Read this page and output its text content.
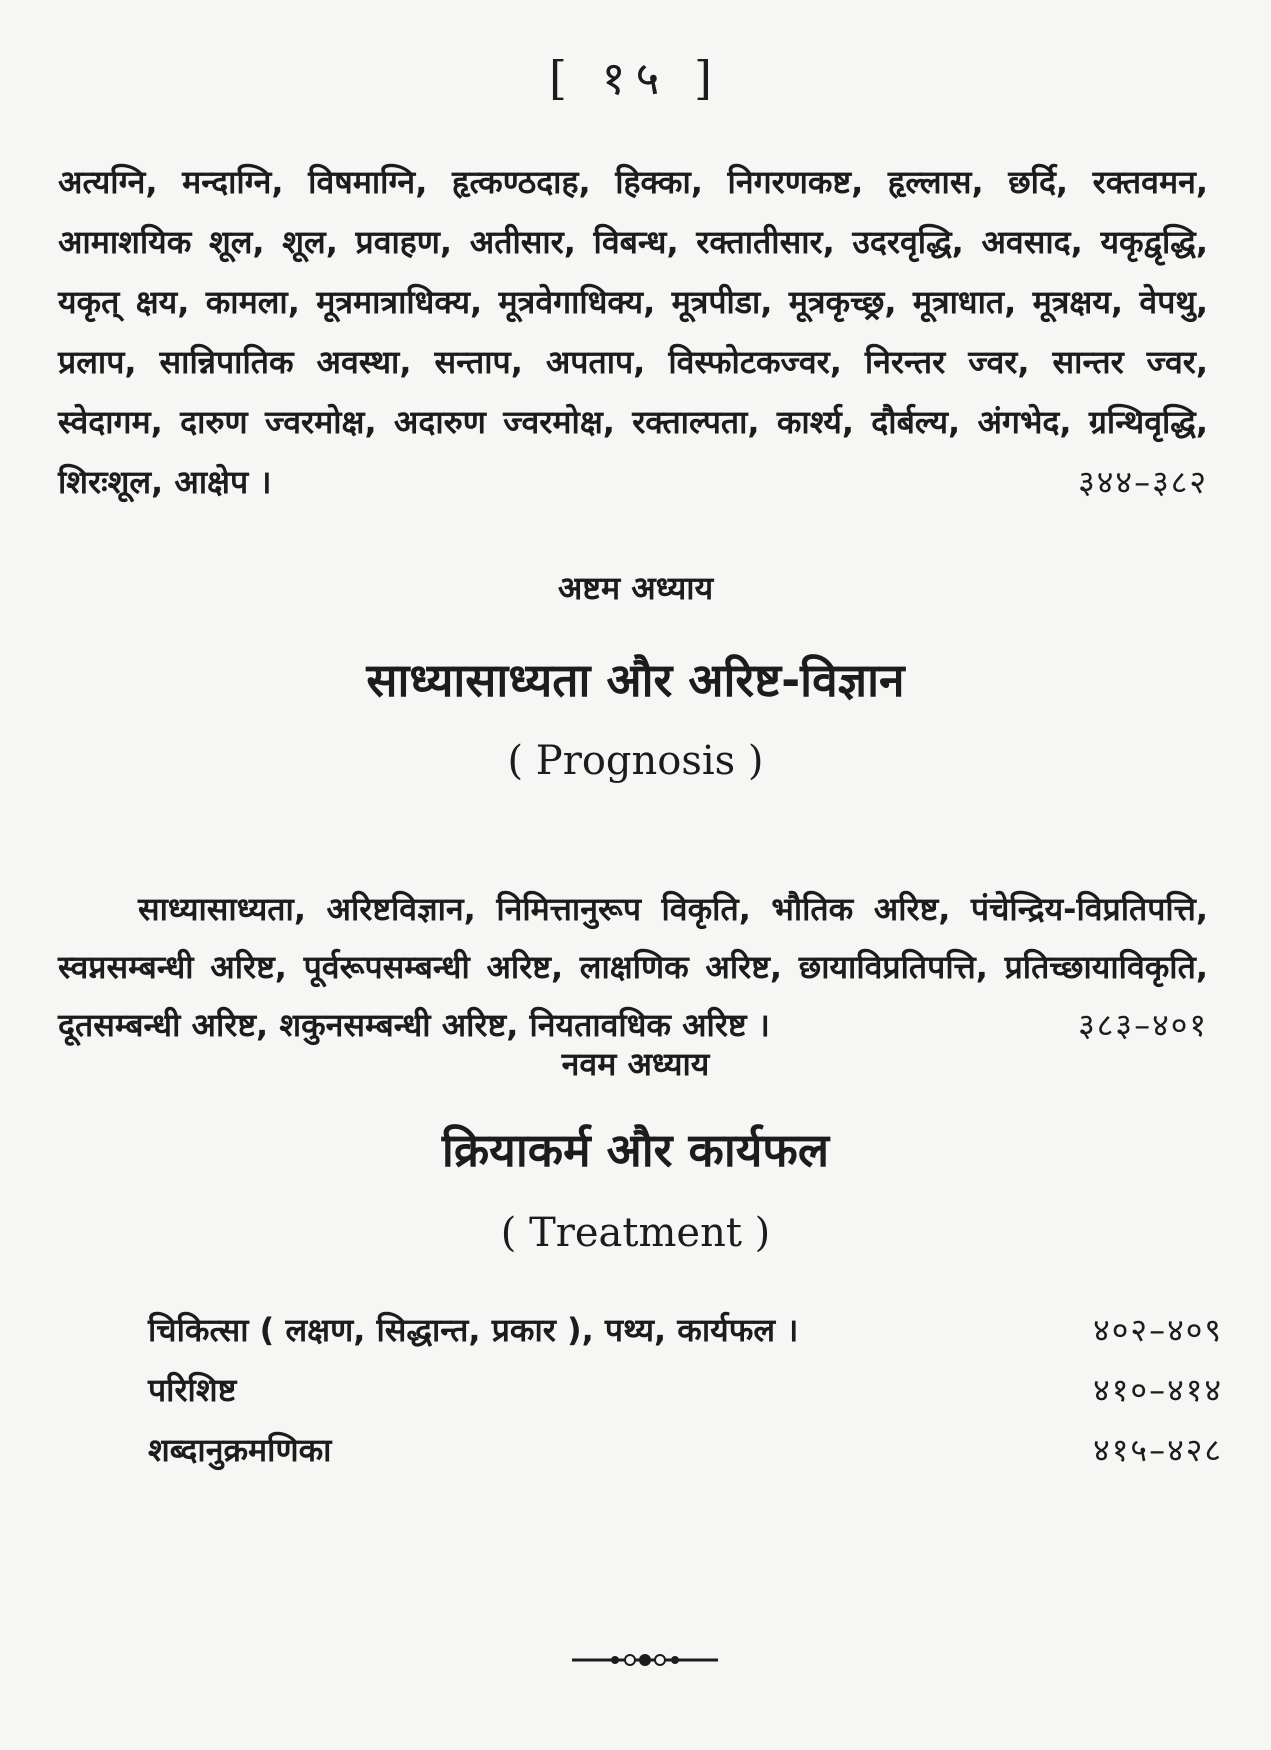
[ १५ ]
अत्यग्नि, मन्दाग्नि, विषमाग्नि, हृत्कण्ठदाह, हिक्का, निगरणकष्ट, हृल्लास, छर्दि, रक्तवमन, आमाशयिक शूल, शूल, प्रवाहण, अतीसार, विबन्ध, रक्तातीसार, उदरवृद्धि, अवसाद, यकृद्वृद्धि, यकृत् क्षय, कामला, मूत्रमात्राधिक्य, मूत्रवेगाधिक्य, मूत्रपीडा, मूत्रकृच्छ्र, मूत्राधात, मूत्रक्षय, वेपथु, प्रलाप, सान्निपातिक अवस्था, सन्ताप, अपताप, विस्फोटकज्वर, निरन्तर ज्वर, सान्तर ज्वर, स्वेदागम, दारुण ज्वरमोक्ष, अदारुण ज्वरमोक्ष, रक्ताल्पता, कार्श्य, दौर्बल्य, अंगभेद, ग्रन्थिवृद्धि, शिरःशूल, आक्षेप ।	३४४–३८२
अष्टम अध्याय
साध्यासाध्यता और अरिष्ट-विज्ञान
( Prognosis )
साध्यासाध्यता, अरिष्टविज्ञान, निमित्तानुरूप विकृति, भौतिक अरिष्ट, पंचेन्द्रिय-विप्रतिपत्ति, स्वप्नसम्बन्धी अरिष्ट, पूर्वरूपसम्बन्धी अरिष्ट, लाक्षणिक अरिष्ट, छायाविप्रतिपत्ति, प्रतिच्छायाविकृति, दूतसम्बन्धी अरिष्ट, शकुनसम्बन्धी अरिष्ट, नियतावधिक अरिष्ट ।	३८३–४०१
नवम अध्याय
क्रियाकर्म और कार्यफल
( Treatment )
चिकित्सा ( लक्षण, सिद्धान्त, प्रकार ), पथ्य, कार्यफल ।	४०२–४०९
परिशिष्ट	४१०–४१४
शब्दानुक्रमणिका	४१५–४२८
